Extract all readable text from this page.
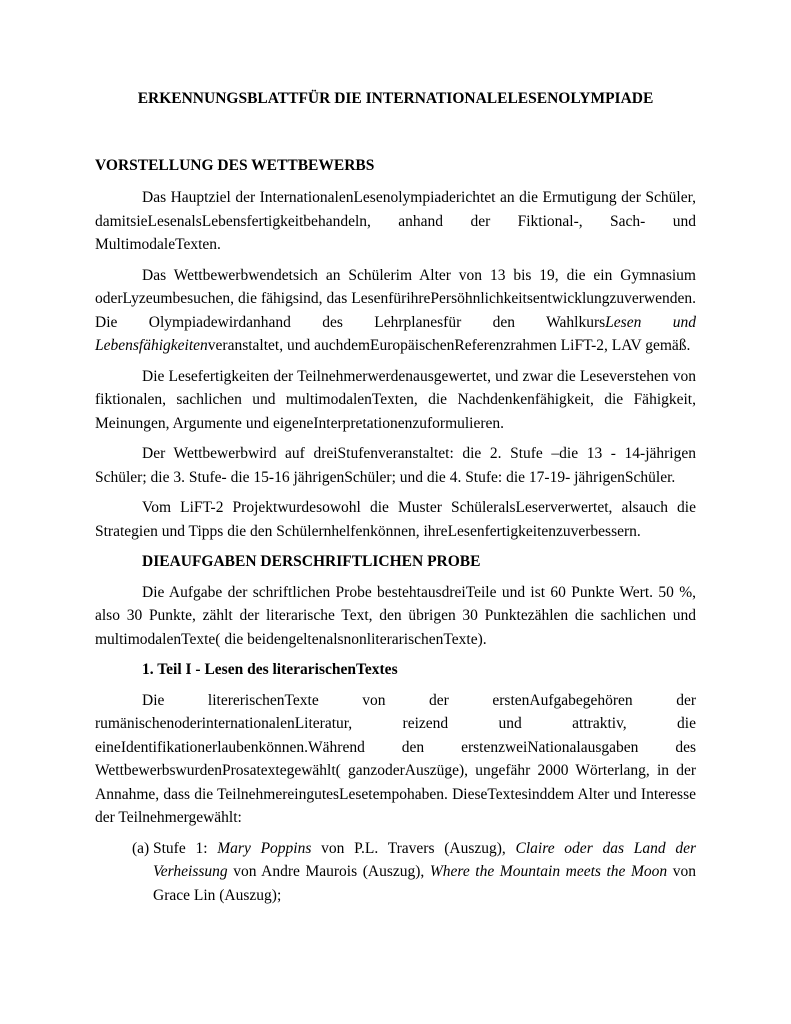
ERKENNUNGSBLATTFÜR DIE INTERNATIONALELESENOLYMPIADE
VORSTELLUNG DES WETTBEWERBS

Das Hauptziel der InternationalenLesenolympiaderichtet an die Ermutigung der Schüler, damitsieLesenalsLebensfertigkeitbehandeln, anhand der Fiktional-, Sach- und MultimodaleTexten.

Das Wettbewerbwendetsich an Schülerim Alter von 13 bis 19, die ein Gymnasium oderLyzeumbesuchen, die fähigsind, das LesenfürihrePersöhnlichkeitsentwicklungzuverwenden. Die Olympiadewirdanhand des Lehrplanesfür den WahlkursLesen und Lebensfähigkeitenveranstaltet, und auchdemEuropäischenReferenzrahmen LiFT-2, LAV gemäß.

Die Lesefertigkeiten der Teilnehmerwerdenausgewertet, und zwar die Leseverstehen von fiktionalen, sachlichen und multimodalenTexten, die Nachdenkenfähigkeit, die Fähigkeit, Meinungen, Argumente und eigeneInterpretationenzuformulieren.

Der Wettbewerbwird auf dreiStufenveranstaltet: die 2. Stufe –die 13 - 14-jährigen Schüler; die 3. Stufe- die 15-16 jährigenSchüler; und die 4. Stufe: die 17-19- jährigenSchüler.

Vom LiFT-2 Projektwurdesowohl die Muster SchüleralsLeserverwertet, alsauch die Strategien und Tipps die den Schülernhelfenkönnen, ihreLesenfertigkeitenzuverbessern.

DIEAUFGABEN DERSCHRIFTLICHEN PROBE

Die Aufgabe der schriftlichen Probe bestehtausdreiTeile und ist 60 Punkte Wert. 50 %, also 30 Punkte, zählt der literarische Text, den übrigen 30 Punktezählen die sachlichen und multimodalenTexte( die beidengeltenalsnonliterarischenTexte).

1. Teil I - Lesen des literarischenTextes

Die litererischenTexte von der erstenAufgabegehören der rumänischenoderinternationalenLiteratur, reizend und attraktiv, die eineIdentifikationerlaubenkönnen.Während den erstenzweiNationalausgaben des WettbewerbswurdenProsatextegewählt( ganzoderAuszüge), ungefähr 2000 Wörterlang, in der Annahme, dass die TeilnehmereingutesLesetempohaben. DieseTextesinddem Alter und Interesse der Teilnehmergewählt:

(a) Stufe 1: Mary Poppins von P.L. Travers (Auszug), Claire oder das Land der Verheissung von Andre Maurois (Auszug), Where the Mountain meets the Moon von Grace Lin (Auszug);
